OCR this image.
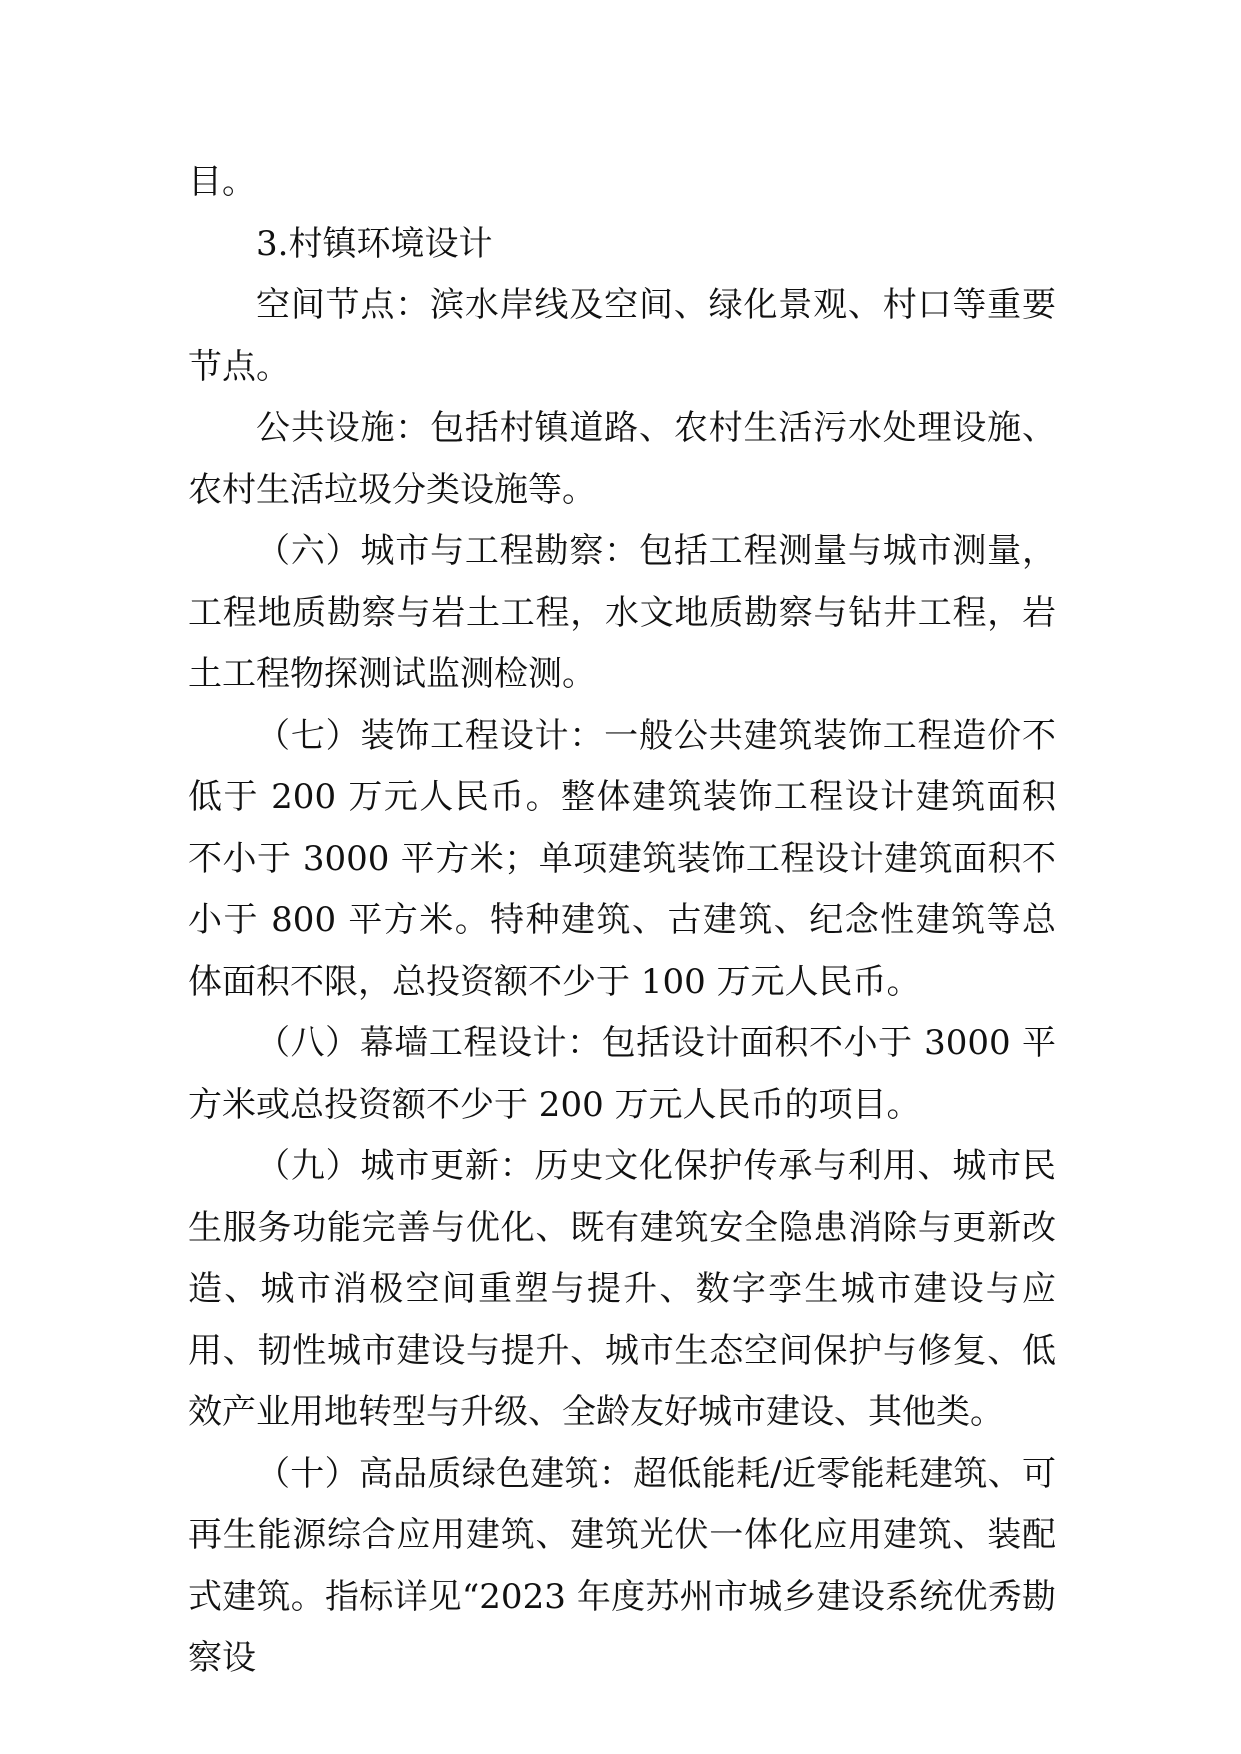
目。

3.村镇环境设计

空间节点：滨水岸线及空间、绿化景观、村口等重要节点。

公共设施：包括村镇道路、农村生活污水处理设施、农村生活垃圾分类设施等。

（六）城市与工程勘察：包括工程测量与城市测量，工程地质勘察与岩土工程，水文地质勘察与钻井工程，岩土工程物探测试监测检测。

（七）装饰工程设计：一般公共建筑装饰工程造价不低于 200 万元人民币。整体建筑装饰工程设计建筑面积不小于 3000 平方米；单项建筑装饰工程设计建筑面积不小于 800 平方米。特种建筑、古建筑、纪念性建筑等总体面积不限，总投资额不少于 100 万元人民币。

（八）幕墙工程设计：包括设计面积不小于 3000 平方米或总投资额不少于 200 万元人民币的项目。

（九）城市更新：历史文化保护传承与利用、城市民生服务功能完善与优化、既有建筑安全隐患消除与更新改造、城市消极空间重塑与提升、数字孪生城市建设与应用、韧性城市建设与提升、城市生态空间保护与修复、低效产业用地转型与升级、全龄友好城市建设、其他类。

（十）高品质绿色建筑：超低能耗/近零能耗建筑、可再生能源综合应用建筑、建筑光伏一体化应用建筑、装配式建筑。指标详见“2023 年度苏州市城乡建设系统优秀勘察设
